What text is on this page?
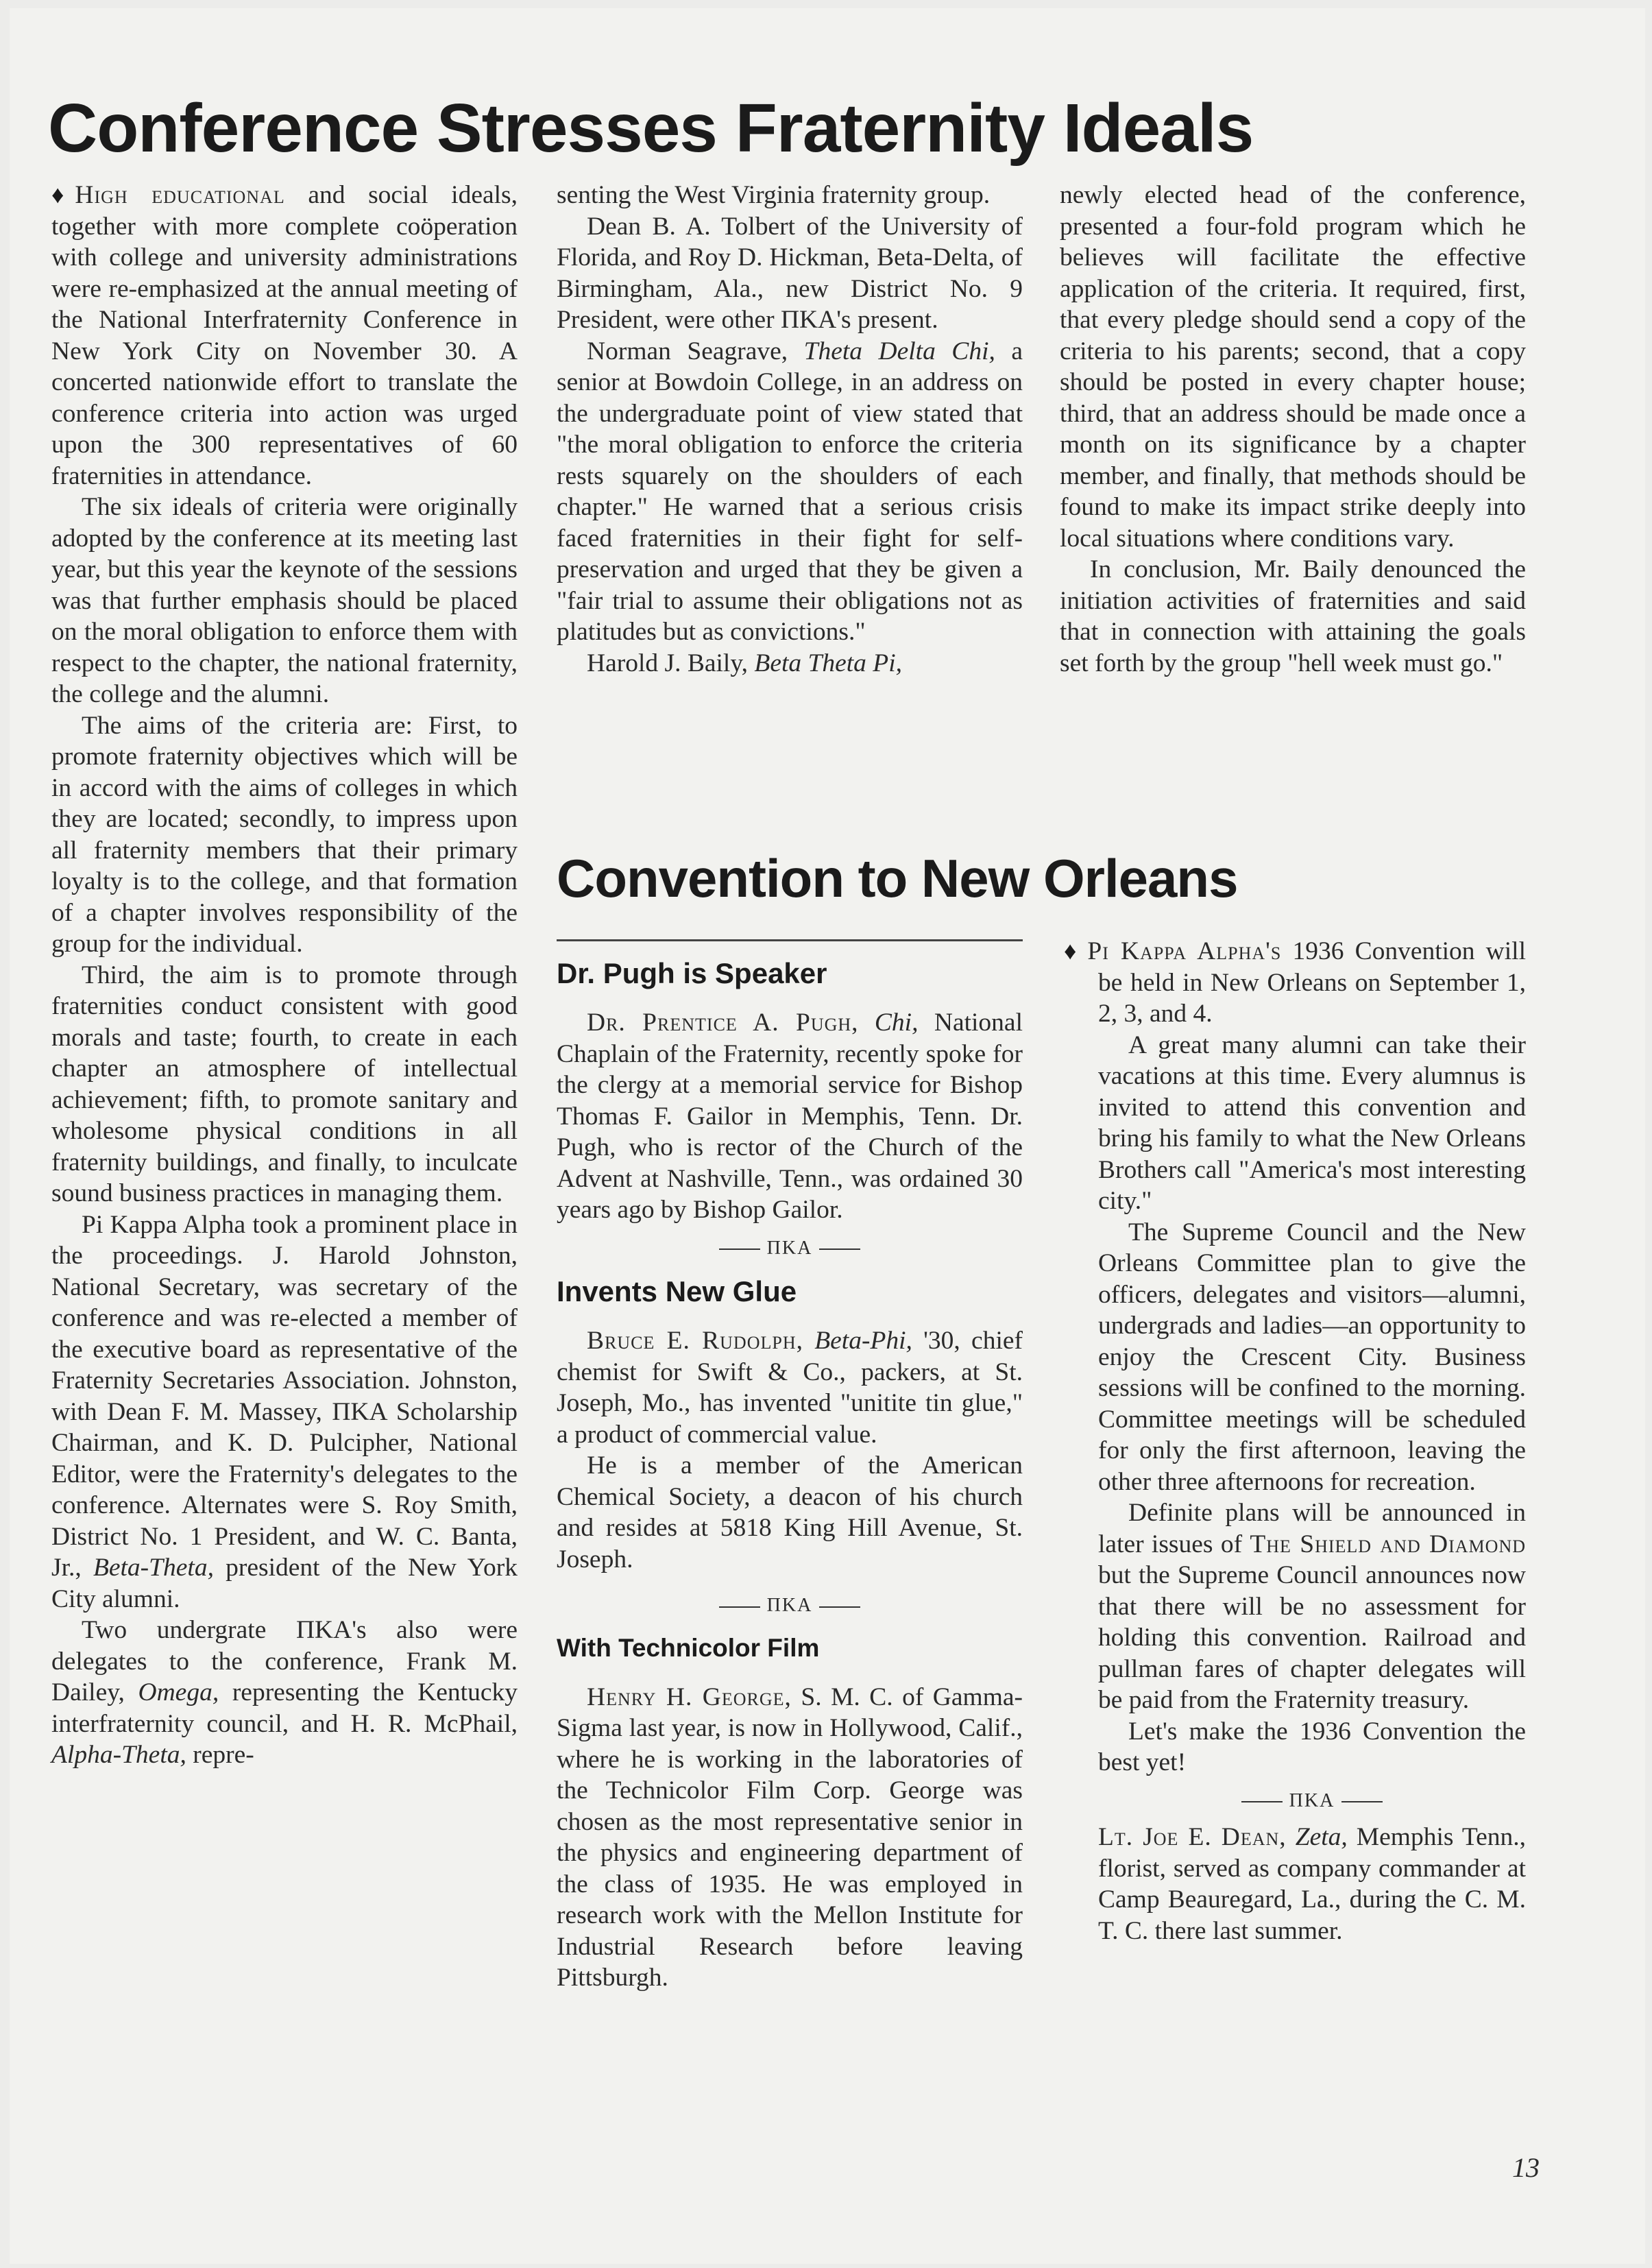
Conference Stresses Fraternity Ideals

♦ High educational and social ideals, together with more complete coöperation with college and university administrations were re-emphasized at the annual meeting of the National Interfraternity Conference in New York City on November 30. A concerted nationwide effort to translate the conference criteria into action was urged upon the 300 representatives of 60 fraternities in attendance.

The six ideals of criteria were originally adopted by the conference at its meeting last year, but this year the keynote of the sessions was that further emphasis should be placed on the moral obligation to enforce them with respect to the chapter, the national fraternity, the college and the alumni.

The aims of the criteria are: First, to promote fraternity objectives which will be in accord with the aims of colleges in which they are located; secondly, to impress upon all fraternity members that their primary loyalty is to the college, and that formation of a chapter involves responsibility of the group for the individual.

Third, the aim is to promote through fraternities conduct consistent with good morals and taste; fourth, to create in each chapter an atmosphere of intellectual achievement; fifth, to promote sanitary and wholesome physical conditions in all fraternity buildings, and finally, to inculcate sound business practices in managing them.

Pi Kappa Alpha took a prominent place in the proceedings. J. Harold Johnston, National Secretary, was secretary of the conference and was re-elected a member of the executive board as representative of the Fraternity Secretaries Association. Johnston, with Dean F. M. Massey, ΠΚΑ Scholarship Chairman, and K. D. Pulcipher, National Editor, were the Fraternity's delegates to the conference. Alternates were S. Roy Smith, District No. 1 President, and W. C. Banta, Jr., Beta-Theta, president of the New York City alumni.

Two undergrate ΠΚΑ's also were delegates to the conference, Frank M. Dailey, Omega, representing the Kentucky interfraternity council, and H. R. McPhail, Alpha-Theta, repre-

senting the West Virginia fraternity group.

Dean B. A. Tolbert of the University of Florida, and Roy D. Hickman, Beta-Delta, of Birmingham, Ala., new District No. 9 President, were other ΠΚΑ's present.

Norman Seagrave, Theta Delta Chi, a senior at Bowdoin College, in an address on the undergraduate point of view stated that "the moral obligation to enforce the criteria rests squarely on the shoulders of each chapter." He warned that a serious crisis faced fraternities in their fight for self-preservation and urged that they be given a "fair trial to assume their obligations not as platitudes but as convictions."

Harold J. Baily, Beta Theta Pi,

newly elected head of the conference, presented a four-fold program which he believes will facilitate the effective application of the criteria. It required, first, that every pledge should send a copy of the criteria to his parents; second, that a copy should be posted in every chapter house; third, that an address should be made once a month on its significance by a chapter member, and finally, that methods should be found to make its impact strike deeply into local situations where conditions vary.

In conclusion, Mr. Baily denounced the initiation activities of fraternities and said that in connection with attaining the goals set forth by the group "hell week must go."

Convention to New Orleans
Dr. Pugh is Speaker

Dr. Prentice A. Pugh, Chi, National Chaplain of the Fraternity, recently spoke for the clergy at a memorial service for Bishop Thomas F. Gailor in Memphis, Tenn. Dr. Pugh, who is rector of the Church of the Advent at Nashville, Tenn., was ordained 30 years ago by Bishop Gailor.

ΠΚΑ
Invents New Glue

Bruce E. Rudolph, Beta-Phi, '30, chief chemist for Swift & Co., packers, at St. Joseph, Mo., has invented "unitite tin glue," a product of commercial value.

He is a member of the American Chemical Society, a deacon of his church and resides at 5818 King Hill Avenue, St. Joseph.

ΠΚΑ
With Technicolor Film

Henry H. George, S. M. C. of Gamma-Sigma last year, is now in Hollywood, Calif., where he is working in the laboratories of the Technicolor Film Corp. George was chosen as the most representative senior in the physics and engineering department of the class of 1935. He was employed in research work with the Mellon Institute for Industrial Research before leaving Pittsburgh.

♦ Pi Kappa Alpha's 1936 Convention will be held in New Orleans on September 1, 2, 3, and 4.

A great many alumni can take their vacations at this time. Every alumnus is invited to attend this convention and bring his family to what the New Orleans Brothers call "America's most interesting city."

The Supreme Council and the New Orleans Committee plan to give the officers, delegates and visitors—alumni, undergrads and ladies—an opportunity to enjoy the Crescent City. Business sessions will be confined to the morning. Committee meetings will be scheduled for only the first afternoon, leaving the other three afternoons for recreation.

Definite plans will be announced in later issues of The Shield and Diamond but the Supreme Council announces now that there will be no assessment for holding this convention. Railroad and pullman fares of chapter delegates will be paid from the Fraternity treasury.

Let's make the 1936 Convention the best yet!

ΠΚΑ

Lt. Joe E. Dean, Zeta, Memphis Tenn., florist, served as company commander at Camp Beauregard, La., during the C. M. T. C. there last summer.

13
